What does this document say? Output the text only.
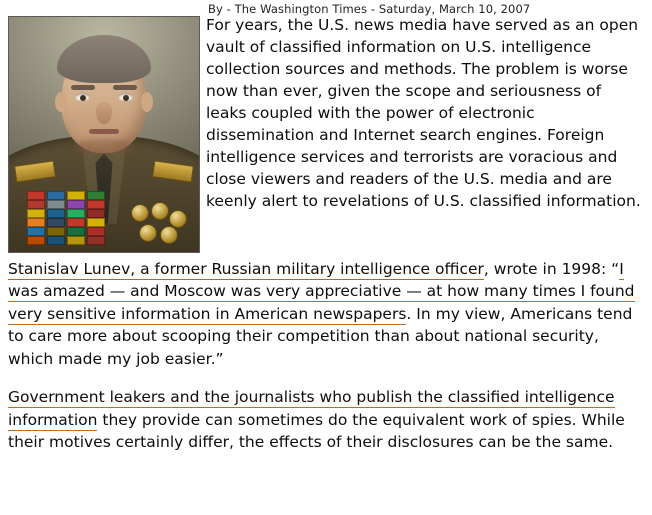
By - The Washington Times - Saturday, March 10, 2007
For years, the U.S. news media have served as an open vault of classified information on U.S. intelligence collection sources and methods. The problem is worse now than ever, given the scope and seriousness of leaks coupled with the power of electronic dissemination and Internet search engines. Foreign intelligence services and terrorists are voracious and close viewers and readers of the U.S. media and are keenly alert to revelations of U.S. classified information.

Stanislav Lunev, a former Russian military intelligence officer, wrote in 1998: “I was amazed — and Moscow was very appreciative — at how many times I found very sensitive information in American newspapers. In my view, Americans tend to care more about scooping their competition than about national security, which made my job easier.”

Government leakers and the journalists who publish the classified intelligence information they provide can sometimes do the equivalent work of spies. While their motives certainly differ, the effects of their disclosures can be the same.
